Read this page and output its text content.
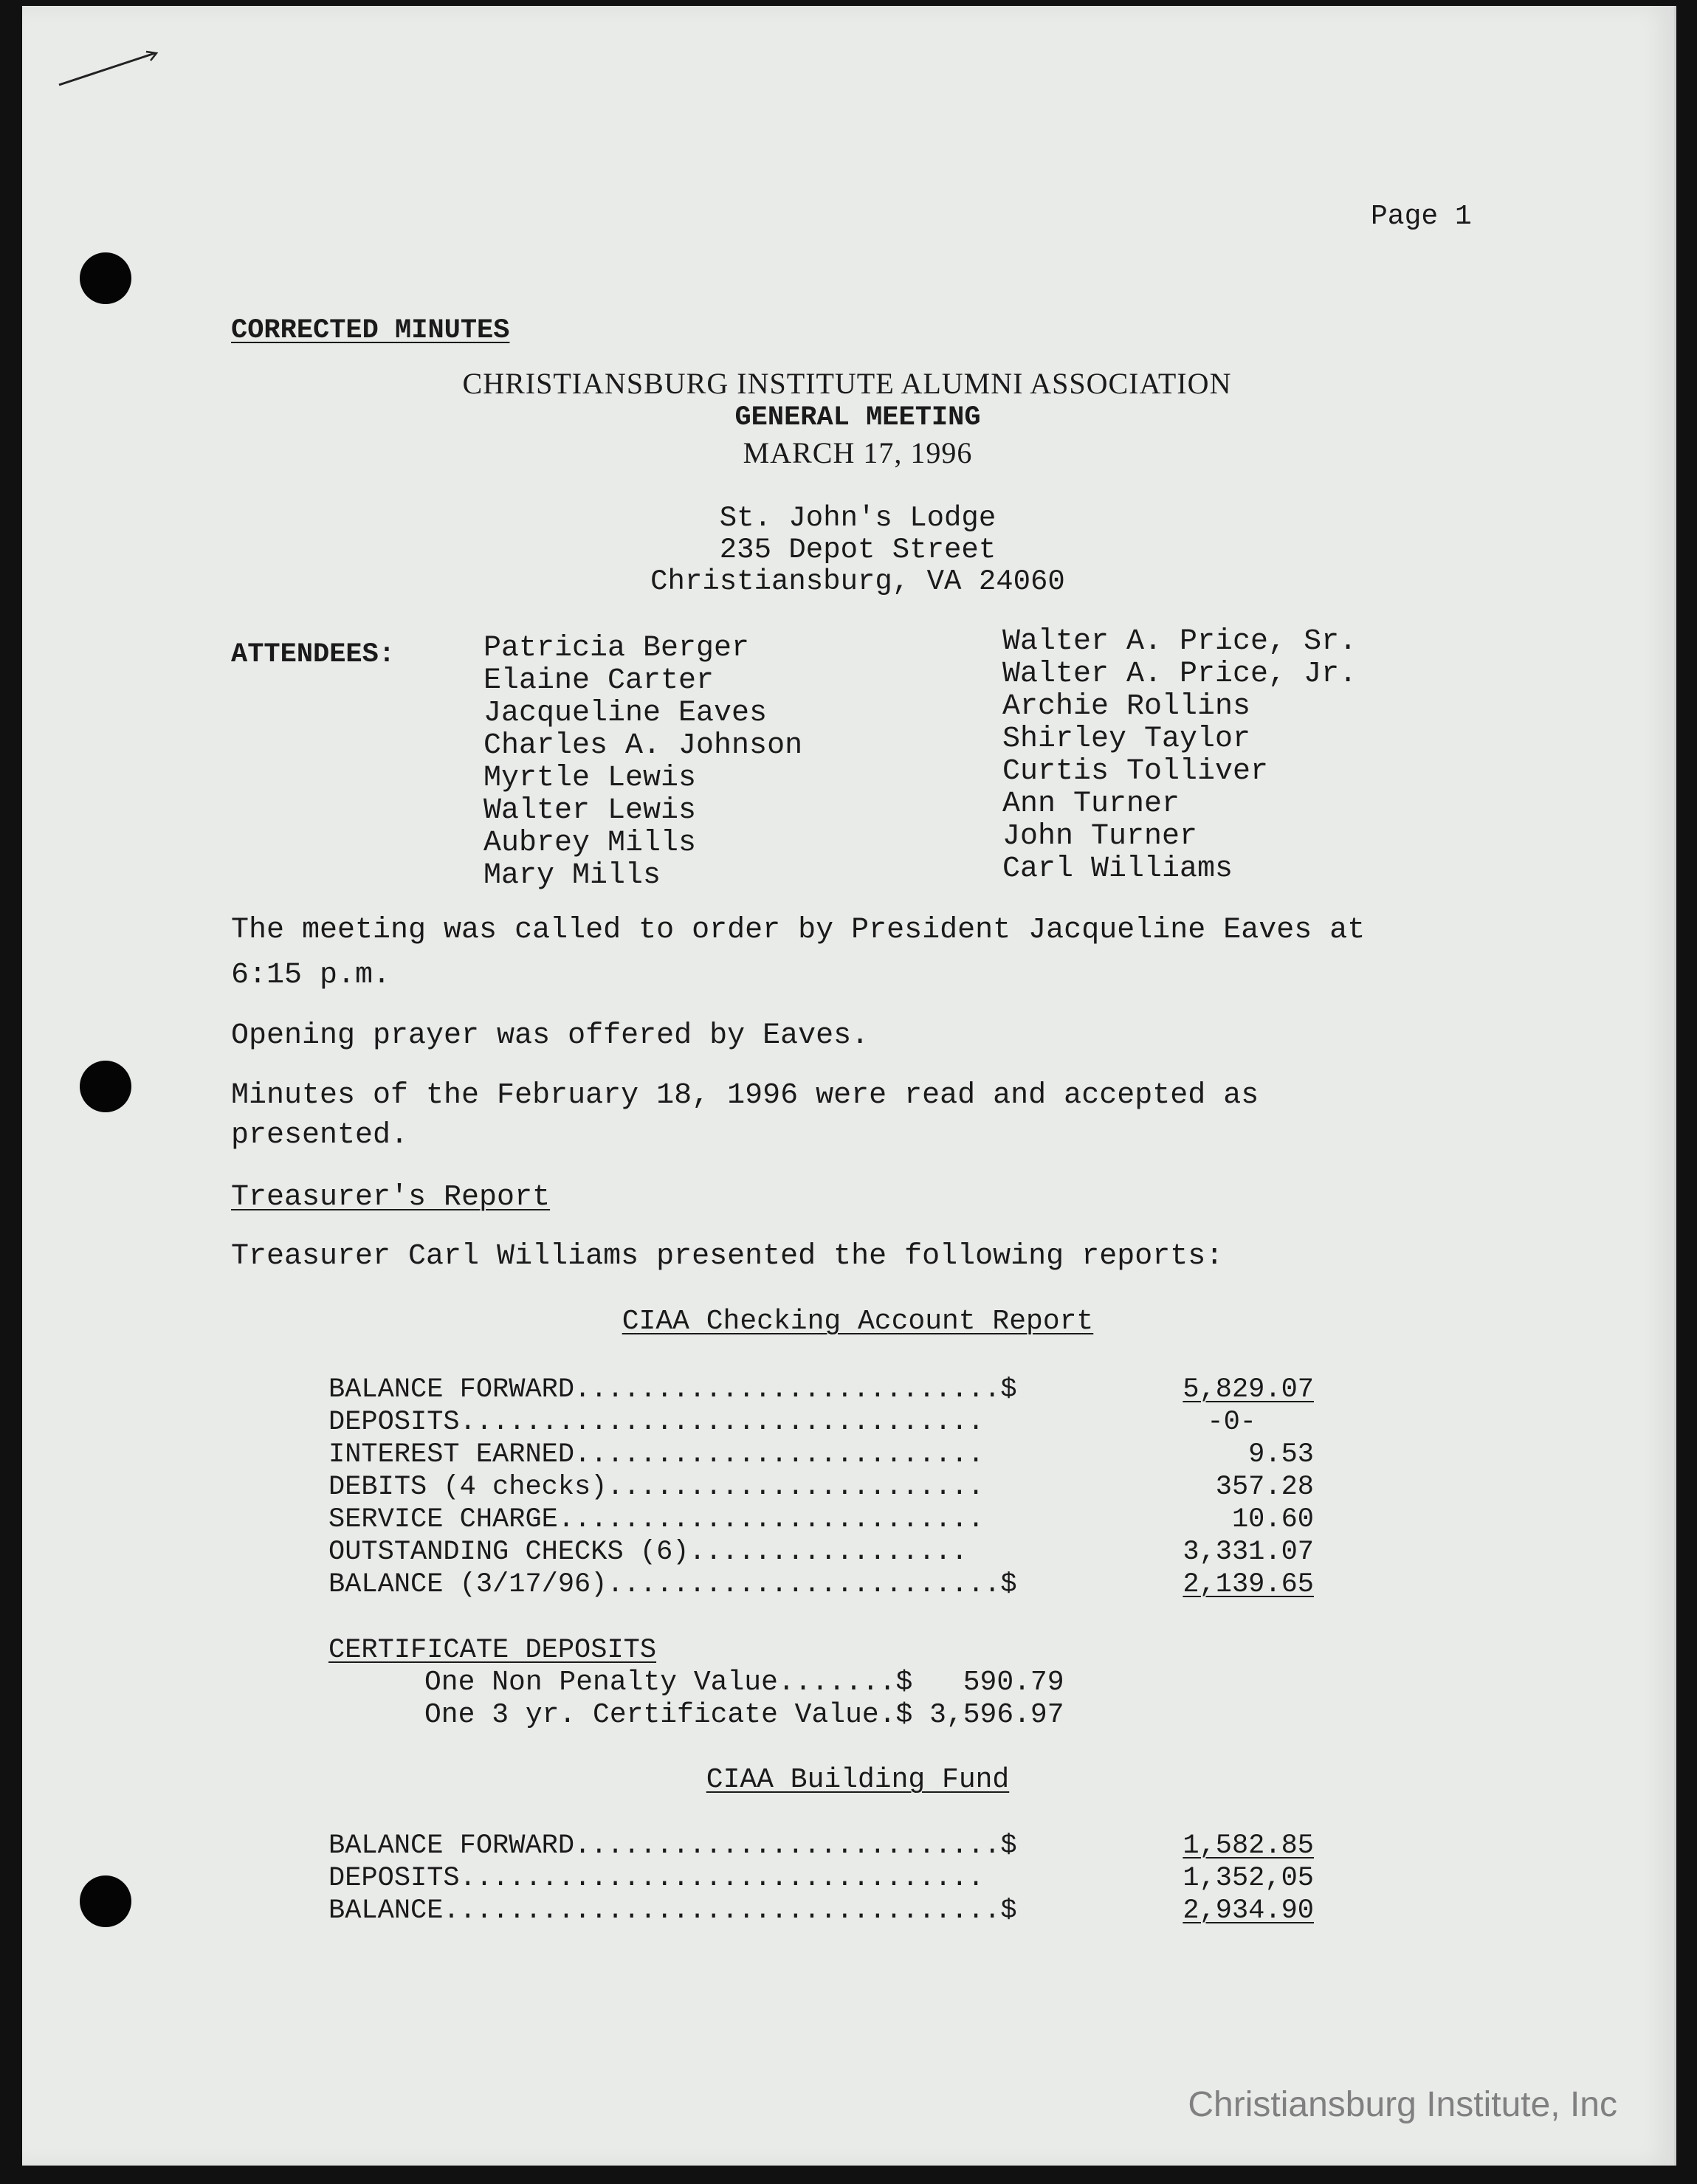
Page 1
CORRECTED MINUTES
CHRISTIANSBURG INSTITUTE ALUMNI ASSOCIATION
GENERAL MEETING
MARCH 17, 1996
St. John's Lodge
235 Depot Street
Christiansburg, VA 24060
ATTENDEES:	Patricia Berger
Elaine Carter
Jacqueline Eaves
Charles A. Johnson
Myrtle Lewis
Walter Lewis
Aubrey Mills
Mary Mills
Walter A. Price, Sr.
Walter A. Price, Jr.
Archie Rollins
Shirley Taylor
Curtis Tolliver
Ann Turner
John Turner
Carl Williams
The meeting was called to order by President Jacqueline Eaves at
6:15 p.m.
Opening prayer was offered by Eaves.
Minutes of the February 18, 1996 were read and accepted as
presented.
Treasurer's Report
Treasurer Carl Williams presented the following reports:
CIAA Checking Account Report
BALANCE FORWARD..........................$	5,829.07
DEPOSITS................................	-0-
INTEREST EARNED.........................	9.53
DEBITS (4 checks).......................	357.28
SERVICE CHARGE..........................	10.60
OUTSTANDING CHECKS (6).................	3,331.07
BALANCE (3/17/96)........................$	2,139.65
CERTIFICATE DEPOSITS
One Non Penalty Value.......$   590.79
One 3 yr. Certificate Value.$ 3,596.97
CIAA Building Fund
BALANCE FORWARD..........................$	1,582.85
DEPOSITS................................	1,352,05
BALANCE..................................$	2,934.90
Christiansburg Institute, Inc
